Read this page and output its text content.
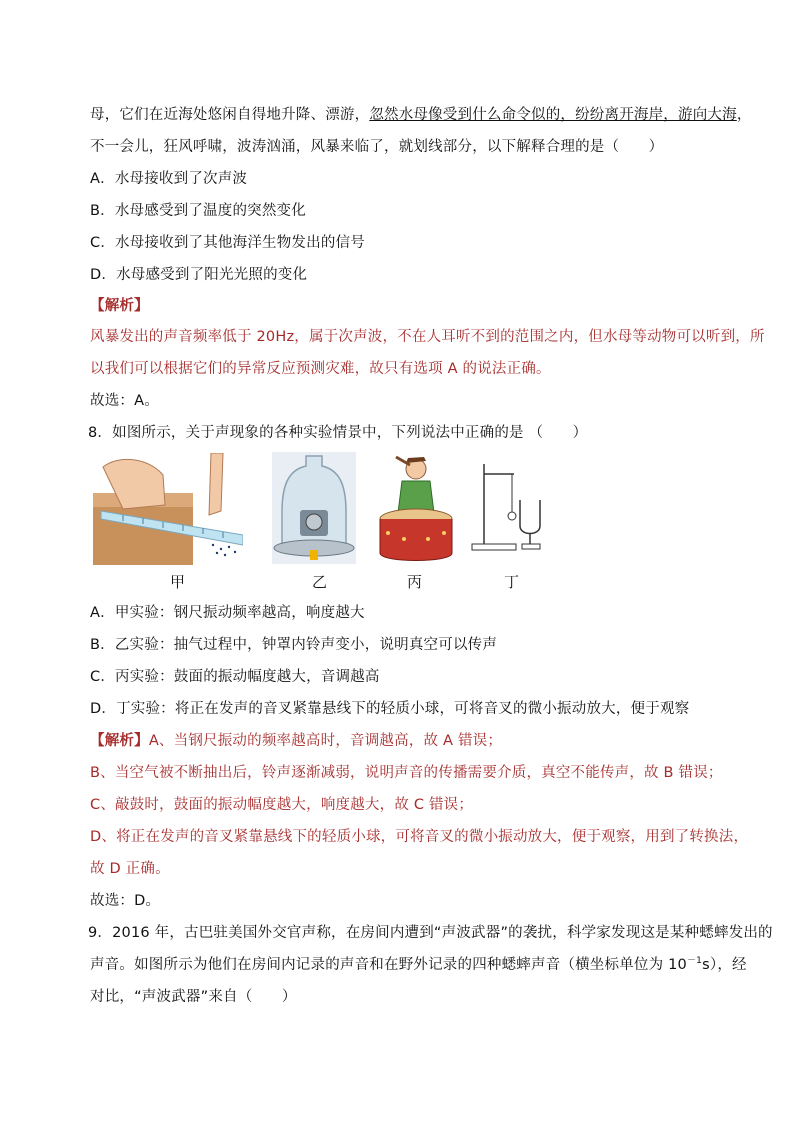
母，它们在近海处悠闲自得地升降、漂游，忽然水母像受到什么命令似的，纷纷离开海岸，游向大海，
不一会儿，狂风呼啸，波涛汹涌，风暴来临了，就划线部分，以下解释合理的是（　　）
A．水母接收到了次声波
B．水母感受到了温度的突然变化
C．水母接收到了其他海洋生物发出的信号
D．水母感受到了阳光光照的变化
【解析】
风暴发出的声音频率低于 20Hz，属于次声波，不在人耳听不到的范围之内，但水母等动物可以听到，所
以我们可以根据它们的异常反应预测灾难，故只有选项 A 的说法正确。
故选：A。
8．如图所示，关于声现象的各种实验情景中，下列说法中正确的是 （　　）
甲	乙	丙	丁
A．甲实验：钢尺振动频率越高，响度越大
B．乙实验：抽气过程中，钟罩内铃声变小，说明真空可以传声
C．丙实验：鼓面的振动幅度越大，音调越高
D．丁实验：将正在发声的音叉紧靠悬线下的轻质小球，可将音叉的微小振动放大，便于观察
【解析】A、当钢尺振动的频率越高时，音调越高，故 A 错误；
B、当空气被不断抽出后，铃声逐渐减弱，说明声音的传播需要介质，真空不能传声，故 B 错误；
C、敲鼓时，鼓面的振动幅度越大，响度越大，故 C 错误；
D、将正在发声的音叉紧靠悬线下的轻质小球，可将音叉的微小振动放大，便于观察，用到了转换法，
故 D 正确。
故选：D。
9．2016 年，古巴驻美国外交官声称，在房间内遭到“声波武器”的袭扰，科学家发现这是某种蟋蟀发出的
声音。如图所示为他们在房间内记录的声音和在野外记录的四种蟋蟀声音（横坐标单位为 $10^{-1}s$），经
对比，“声波武器”来自（　　）
